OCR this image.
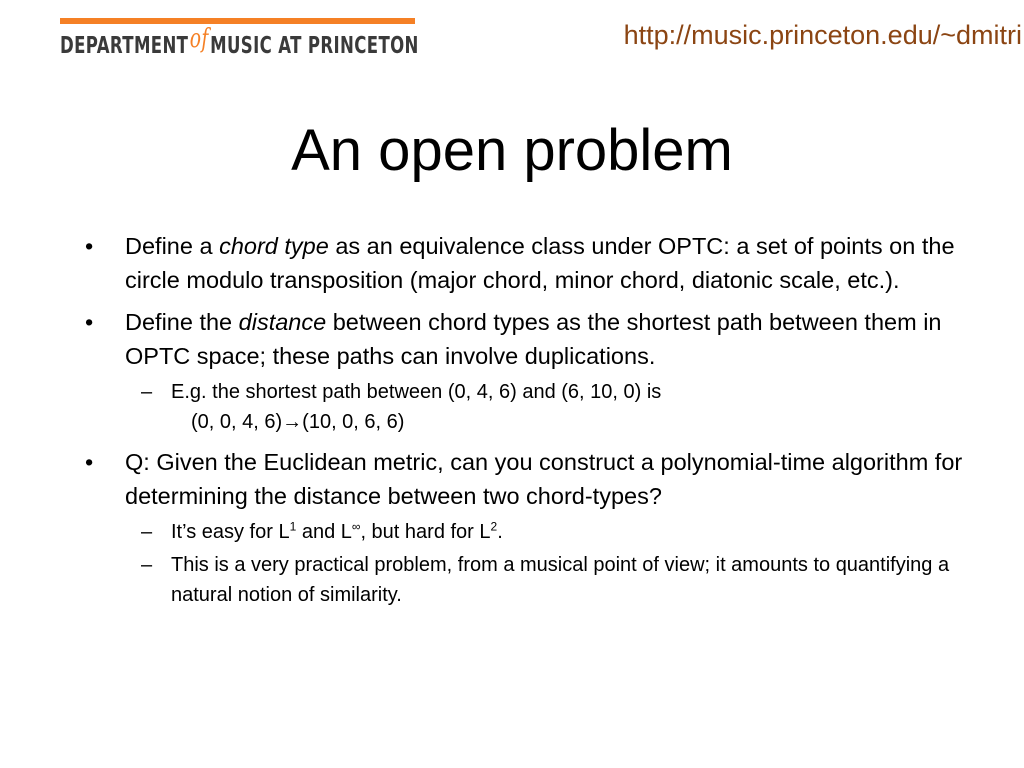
DEPARTMENTofMUSIC AT PRINCETON	http://music.princeton.edu/~dmitri
An open problem
• Define a chord type as an equivalence class under OPTC: a set of points on the circle modulo transposition (major chord, minor chord, diatonic scale, etc.).
• Define the distance between chord types as the shortest path between them in OPTC space; these paths can involve duplications.
– E.g. the shortest path between (0, 4, 6) and (6, 10, 0) is
(0, 0, 4, 6)→(10, 0, 6, 6)
• Q: Given the Euclidean metric, can you construct a polynomial-time algorithm for determining the distance between two chord-types?
– It’s easy for $L^1$ and L∞, but hard for $L^2$.
– This is a very practical problem, from a musical point of view; it amounts to quantifying a natural notion of similarity.
